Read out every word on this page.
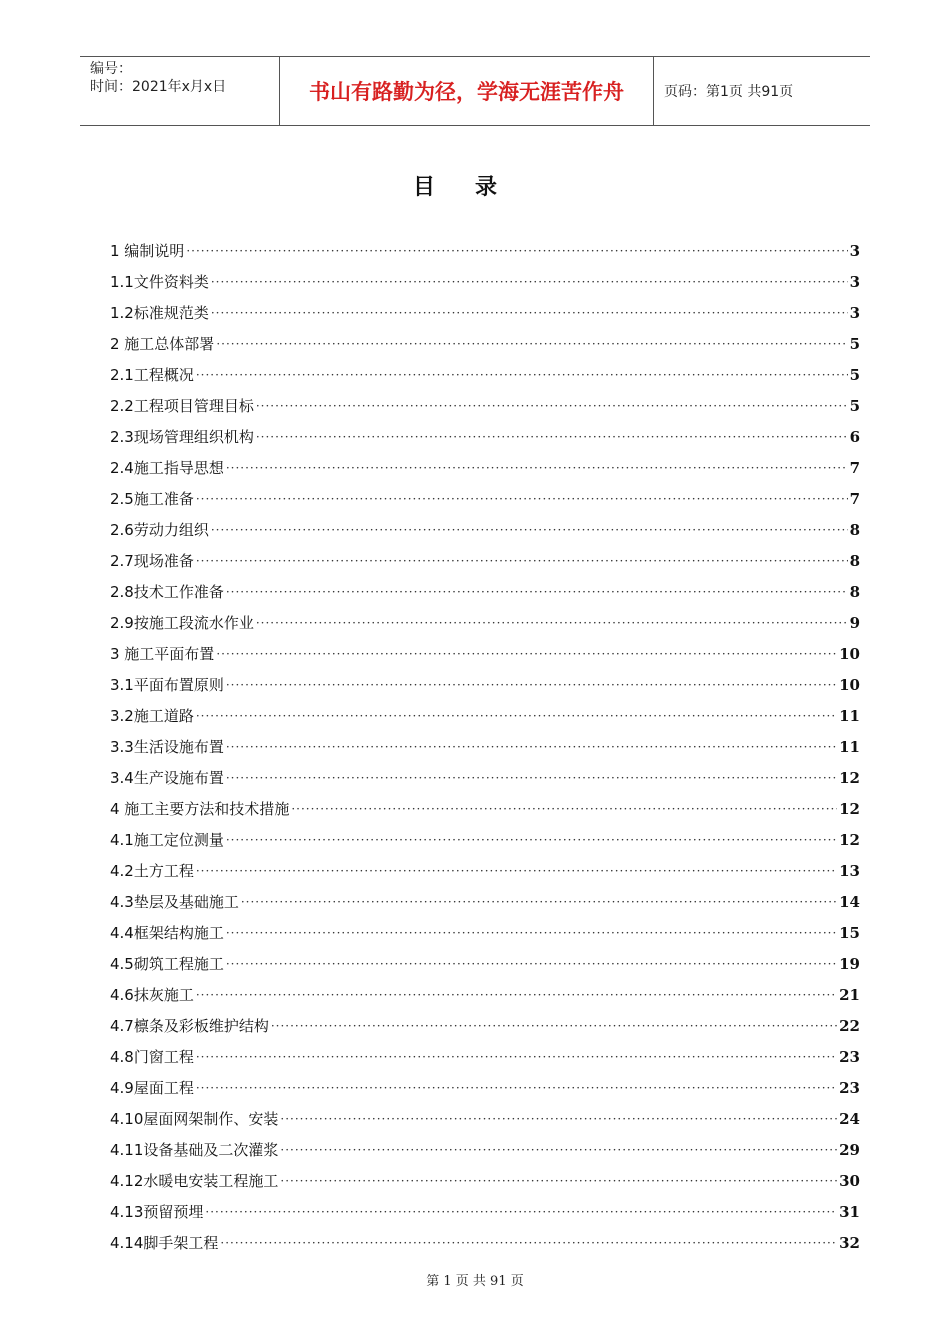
编号：
时间：2021年x月x日	书山有路勤为径，学海无涯苦作舟	页码：第1页 共91页
目录
1 编制说明 ·····	3
1.1文件资料类 ·····	3
1.2标准规范类 ·····	3
2 施工总体部署 ·····	5
2.1工程概况 ·····	5
2.2工程项目管理目标 ·····	5
2.3现场管理组织机构 ·····	6
2.4施工指导思想 ·····	7
2.5施工准备 ·····	7
2.6劳动力组织 ·····	8
2.7现场准备 ·····	8
2.8技术工作准备 ·····	8
2.9按施工段流水作业 ·····	9
3 施工平面布置 ·····	10
3.1平面布置原则 ·····	10
3.2施工道路 ·····	11
3.3生活设施布置 ·····	11
3.4生产设施布置 ·····	12
4 施工主要方法和技术措施 ·····	12
4.1施工定位测量 ·····	12
4.2土方工程 ·····	13
4.3垫层及基础施工 ·····	14
4.4框架结构施工 ·····	15
4.5砌筑工程施工 ·····	19
4.6抹灰施工 ·····	21
4.7檩条及彩板维护结构 ·····	22
4.8门窗工程 ·····	23
4.9屋面工程 ·····	23
4.10屋面网架制作、安装 ·····	24
4.11设备基础及二次灌浆 ·····	29
4.12水暖电安装工程施工 ·····	30
4.13预留预埋 ·····	31
4.14脚手架工程 ·····	32
第 1 页 共 91 页
